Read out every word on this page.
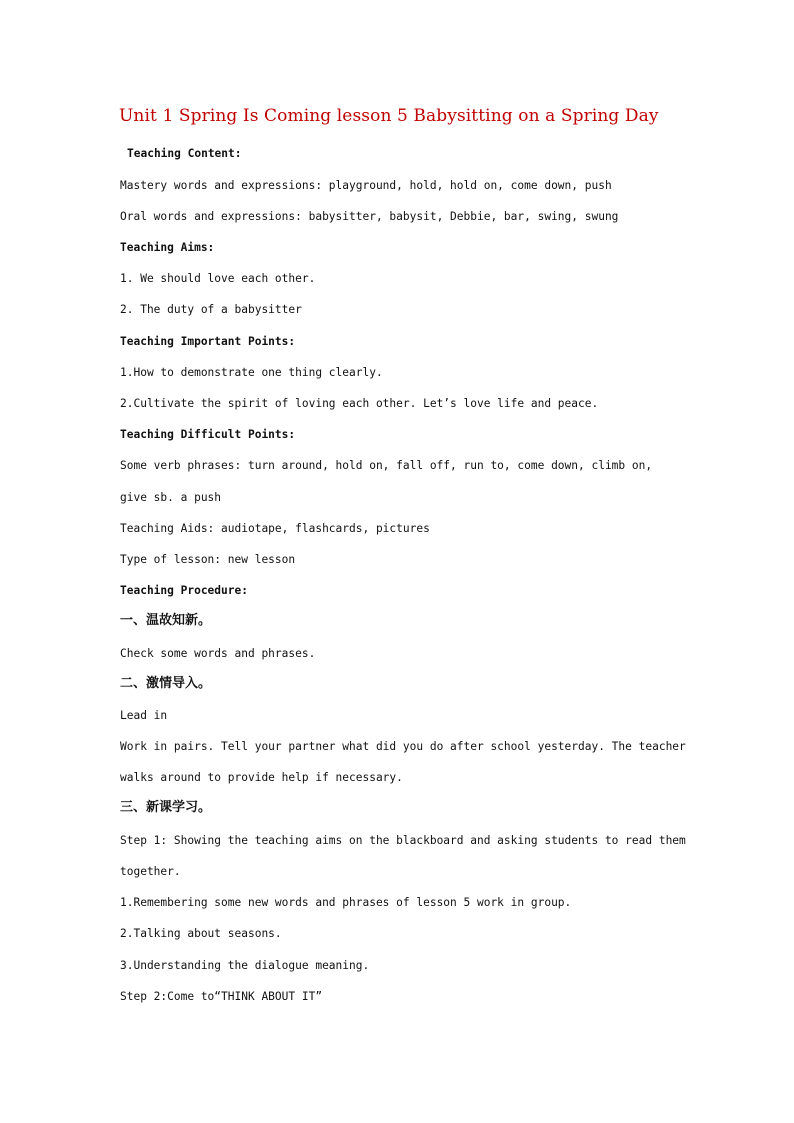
Unit 1 Spring Is Coming lesson 5 Babysitting on a Spring Day
Teaching Content:
Mastery words and expressions: playground, hold, hold on, come down, push
Oral words and expressions: babysitter, babysit, Debbie, bar, swing, swung
Teaching Aims:
1. We should love each other.
2. The duty of a babysitter
Teaching Important Points:
1.How to demonstrate one thing clearly.
2.Cultivate the spirit of loving each other. Let’s love life and peace.
Teaching Difficult Points:
Some verb phrases: turn around, hold on, fall off, run to, come down, climb on,
give sb. a push
Teaching Aids: audiotape, flashcards, pictures
Type of lesson: new lesson
Teaching Procedure:
一、温故知新。
Check some words and phrases.
二、激情导入。
Lead in
Work in pairs. Tell your partner what did you do after school yesterday. The teacher
walks around to provide help if necessary.
三、新课学习。
Step 1: Showing the teaching aims on the blackboard and asking students to read them
together.
1.Remembering some new words and phrases of lesson 5 work in group.
2.Talking about seasons.
3.Understanding the dialogue meaning.
Step 2:Come to“THINK ABOUT IT”
